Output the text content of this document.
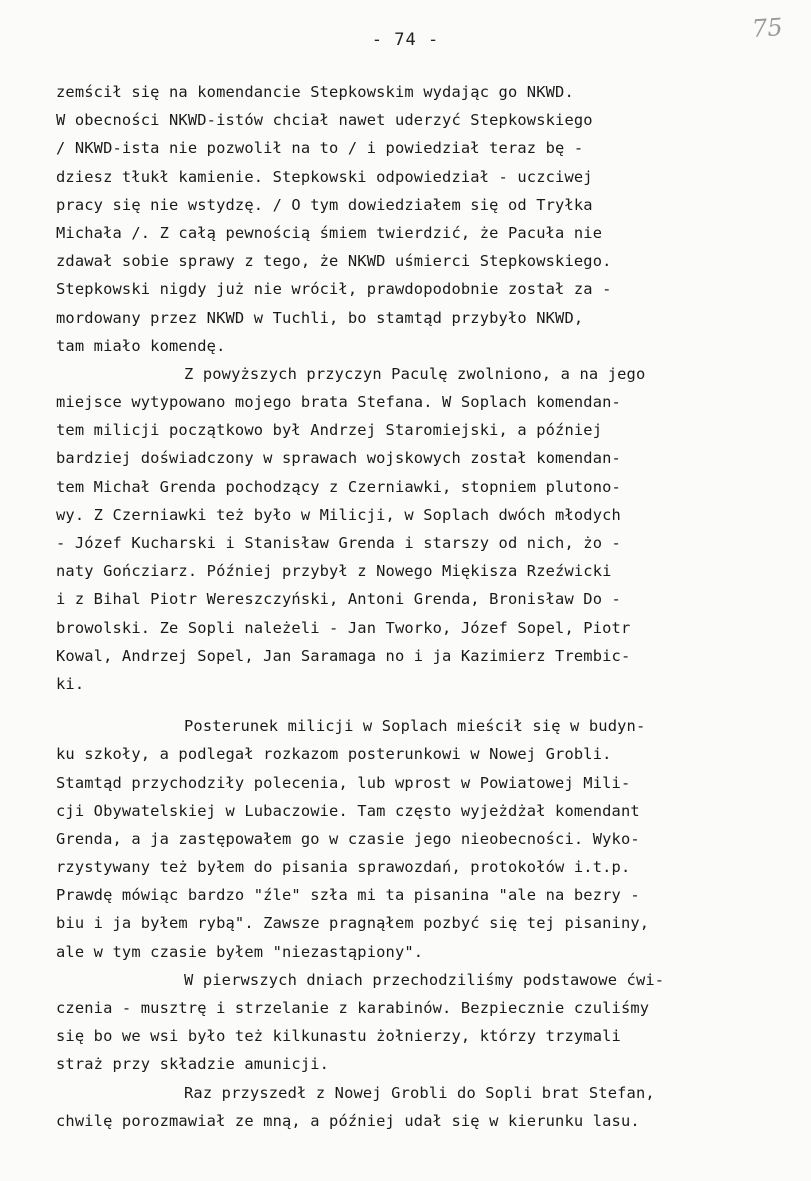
- 74 -	75
zemścił się na komendancie Stepkowskim wydając go NKWD.
W obecności NKWD-istów chciał nawet uderzyć Stepkowskiego
/ NKWD-ista nie pozwolił na to / i powiedział teraz bę -
dziesz tłukł kamienie. Stepkowski odpowiedział - uczciwej
pracy się nie wstydzę. / O tym dowiedziałem się od Tryłka
Michała /. Z całą pewnością śmiem twierdzić, że Pacuła nie
zdawał sobie sprawy z tego, że NKWD uśmierci Stepkowskiego.
Stepkowski nigdy już nie wrócił, prawdopodobnie został za -
mordowany przez NKWD w Tuchli, bo stamtąd przybyło NKWD,
tam miało komendę.
Z powyższych przyczyn Paculę zwolniono, a na jego
miejsce wytypowano mojego brata Stefana. W Soplach komendan-
tem milicji początkowo był Andrzej Staromiejski, a później
bardziej doświadczony w sprawach wojskowych został komendan-
tem Michał Grenda pochodzący z Czerniawki, stopniem plutono-
wy. Z Czerniawki też było w Milicji, w Soplach dwóch młodych
- Józef Kucharski i Stanisław Grenda i starszy od nich, żo -
naty Gończiarz. Później przybył z Nowego Miękisza Rzeźwicki
i z Bihal Piotr Wereszczyński, Antoni Grenda, Bronisław Do -
browolski. Ze Sopli należeli - Jan Tworko, Józef Sopel, Piotr
Kowal, Andrzej Sopel, Jan Saramaga no i ja Kazimierz Trembic-
ki.
Posterunek milicji w Soplach mieścił się w budyn-
ku szkoły, a podlegał rozkazom posterunkowi w Nowej Grobli.
Stamtąd przychodziły polecenia, lub wprost w Powiatowej Mili-
cji Obywatelskiej w Lubaczowie. Tam często wyjeżdżał komendant
Grenda, a ja zastępowałem go w czasie jego nieobecności. Wyko-
rzystywany też byłem do pisania sprawozdań, protokołów i.t.p.
Prawdę mówiąc bardzo "źle" szła mi ta pisanina "ale na bezry -
biu i ja byłem rybą". Zawsze pragnąłem pozbyć się tej pisaniny,
ale w tym czasie byłem "niezastąpiony".
W pierwszych dniach przechodziliśmy podstawowe ćwi-
czenia - musztrę i strzelanie z karabinów. Bezpiecznie czuliśmy
się bo we wsi było też kilkunastu żołnierzy, którzy trzymali
straż przy składzie amunicji.
Raz przyszedł z Nowej Grobli do Sopli brat Stefan,
chwilę porozmawiał ze mną, a później udał się w kierunku lasu.
